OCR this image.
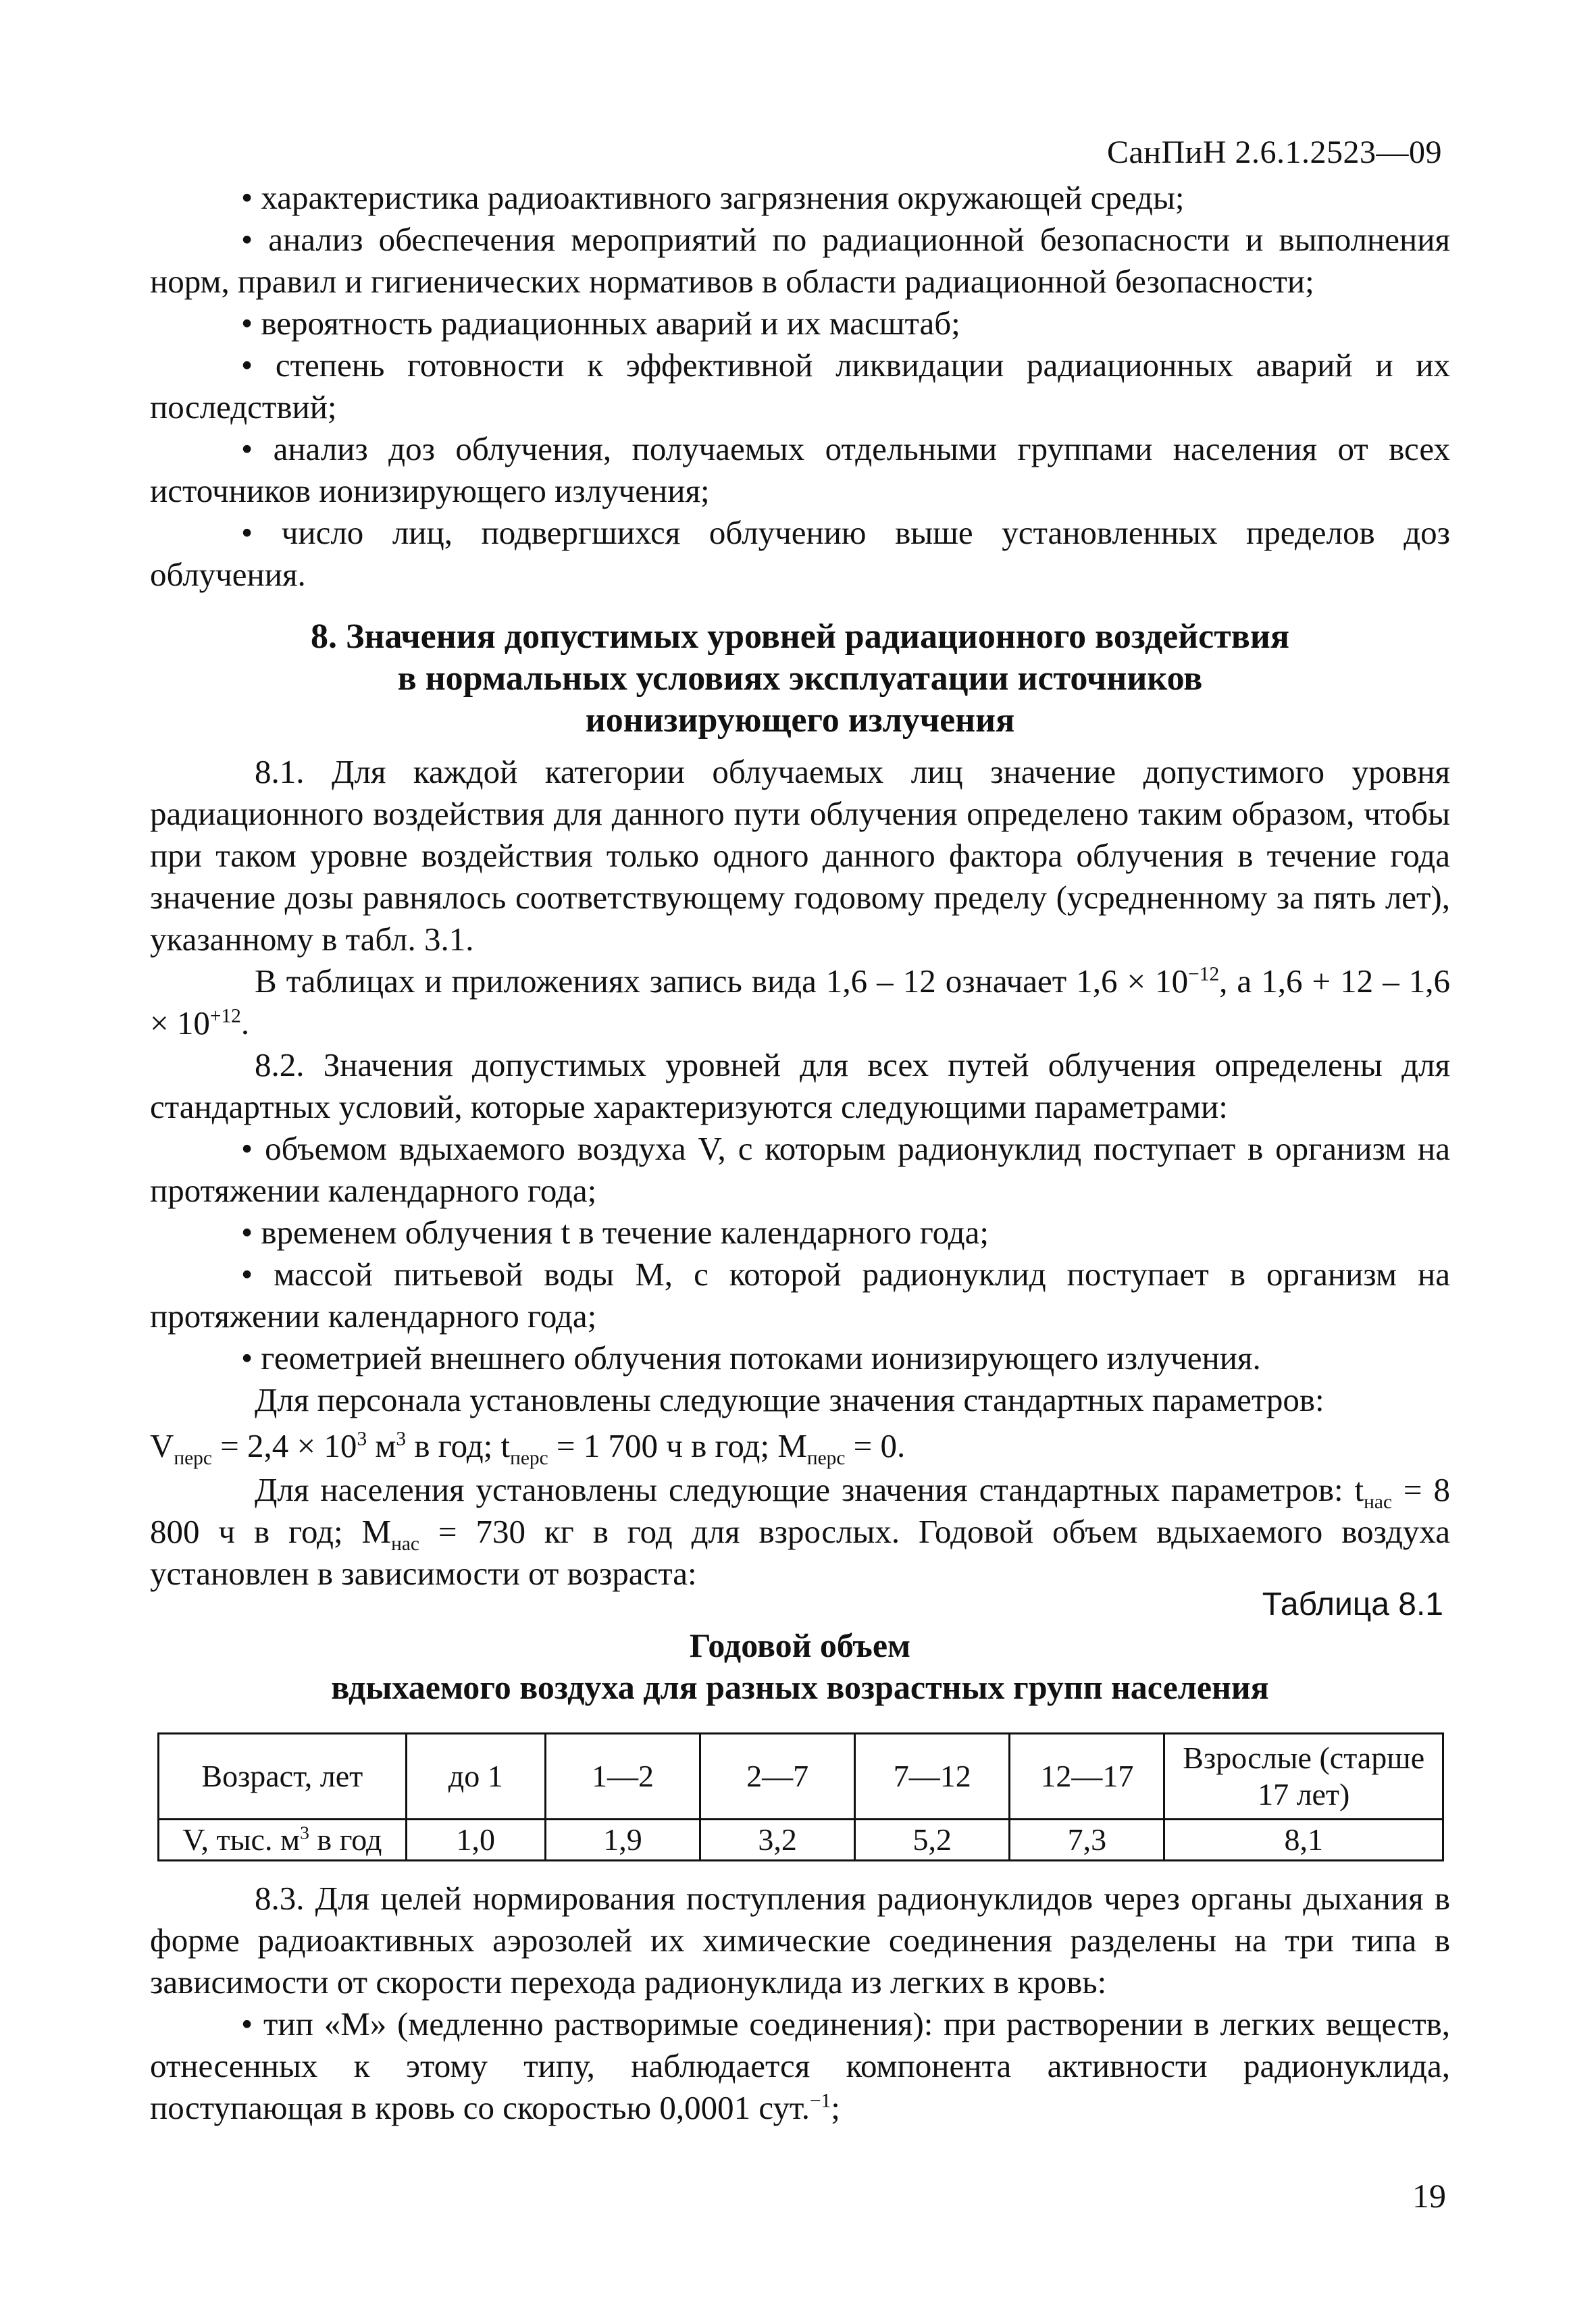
СанПиН 2.6.1.2523—09

• характеристика радиоактивного загрязнения окружающей среды;

• анализ обеспечения мероприятий по радиационной безопасности и выполнения норм, правил и гигиенических нормативов в области радиационной безопасности;

• вероятность радиационных аварий и их масштаб;

• степень готовности к эффективной ликвидации радиационных аварий и их последствий;

• анализ доз облучения, получаемых отдельными группами населения от всех источников ионизирующего излучения;

• число лиц, подвергшихся облучению выше установленных пределов доз облучения.

8. Значения допустимых уровней радиационного воздействия
в нормальных условиях эксплуатации источников
ионизирующего излучения

8.1. Для каждой категории облучаемых лиц значение допустимого уровня радиационного воздействия для данного пути облучения определено таким образом, чтобы при таком уровне воздействия только одного данного фактора облучения в течение года значение дозы равнялось соответствующему годовому пределу (усредненному за пять лет), указанному в табл. 3.1.

В таблицах и приложениях запись вида 1,6 – 12 означает $1,6 \times 10^{-12}$, а $1,6 + 12 - 1,6 \times 10^{+12}$.

8.2. Значения допустимых уровней для всех путей облучения определены для стандартных условий, которые характеризуются следующими параметрами:

• объемом вдыхаемого воздуха V, с которым радионуклид поступает в организм на протяжении календарного года;

• временем облучения t в течение календарного года;

• массой питьевой воды М, с которой радионуклид поступает в организм на протяжении календарного года;

• геометрией внешнего облучения потоками ионизирующего излучения.

Для персонала установлены следующие значения стандартных параметров:

$V_{перс} = 2,4 \times 10^3$ $м^3$ в год; $t_{перс} = 1$ 700 ч в год; $M_{перс} = 0$.

Для населения установлены следующие значения стандартных параметров: $t_{нас} = 8$ 800 ч в год; $M_{нас} = 730$ кг в год для взрослых. Годовой объем вдыхаемого воздуха установлен в зависимости от возраста:

Таблица 8.1
Годовой объем
вдыхаемого воздуха для разных возрастных групп населения
Возраст, лет	до 1	1—2	2—7	7—12	12—17	Взрослые (старше 17 лет)
V, тыс. $м^3$ в год	1,0	1,9	3,2	5,2	7,3	8,1

8.3. Для целей нормирования поступления радионуклидов через органы дыхания в форме радиоактивных аэрозолей их химические соединения разделены на три типа в зависимости от скорости перехода радионуклида из легких в кровь:

• тип «М» (медленно растворимые соединения): при растворении в легких веществ, отнесенных к этому типу, наблюдается компонента активности радионуклида, поступающая в кровь со скоростью 0,0001 сут.$^{-1}$;

19
